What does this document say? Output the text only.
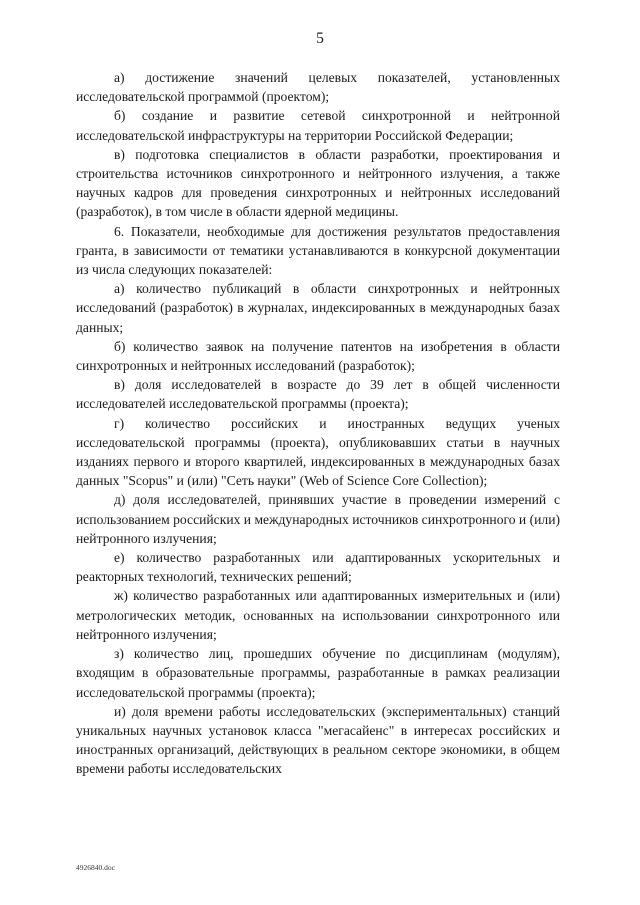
5

а) достижение значений целевых показателей, установленных исследовательской программой (проектом);

б) создание и развитие сетевой синхротронной и нейтронной исследовательской инфраструктуры на территории Российской Федерации;

в) подготовка специалистов в области разработки, проектирования и строительства источников синхротронного и нейтронного излучения, а также научных кадров для проведения синхротронных и нейтронных исследований (разработок), в том числе в области ядерной медицины.

6. Показатели, необходимые для достижения результатов предоставления гранта, в зависимости от тематики устанавливаются в конкурсной документации из числа следующих показателей:

а) количество публикаций в области синхротронных и нейтронных исследований (разработок) в журналах, индексированных в международных базах данных;

б) количество заявок на получение патентов на изобретения в области синхротронных и нейтронных исследований (разработок);

в) доля исследователей в возрасте до 39 лет в общей численности исследователей исследовательской программы (проекта);

г) количество российских и иностранных ведущих ученых исследовательской программы (проекта), опубликовавших статьи в научных изданиях первого и второго квартилей, индексированных в международных базах данных "Scopus" и (или) "Сеть науки" (Web of Science Core Collection);

д) доля исследователей, принявших участие в проведении измерений с использованием российских и международных источников синхротронного и (или) нейтронного излучения;

е) количество разработанных или адаптированных ускорительных и реакторных технологий, технических решений;

ж) количество разработанных или адаптированных измерительных и (или) метрологических методик, основанных на использовании синхротронного или нейтронного излучения;

з) количество лиц, прошедших обучение по дисциплинам (модулям), входящим в образовательные программы, разработанные в рамках реализации исследовательской программы (проекта);

и) доля времени работы исследовательских (экспериментальных) станций уникальных научных установок класса "мегасайенс" в интересах российских и иностранных организаций, действующих в реальном секторе экономики, в общем времени работы исследовательских

4926840.doc
